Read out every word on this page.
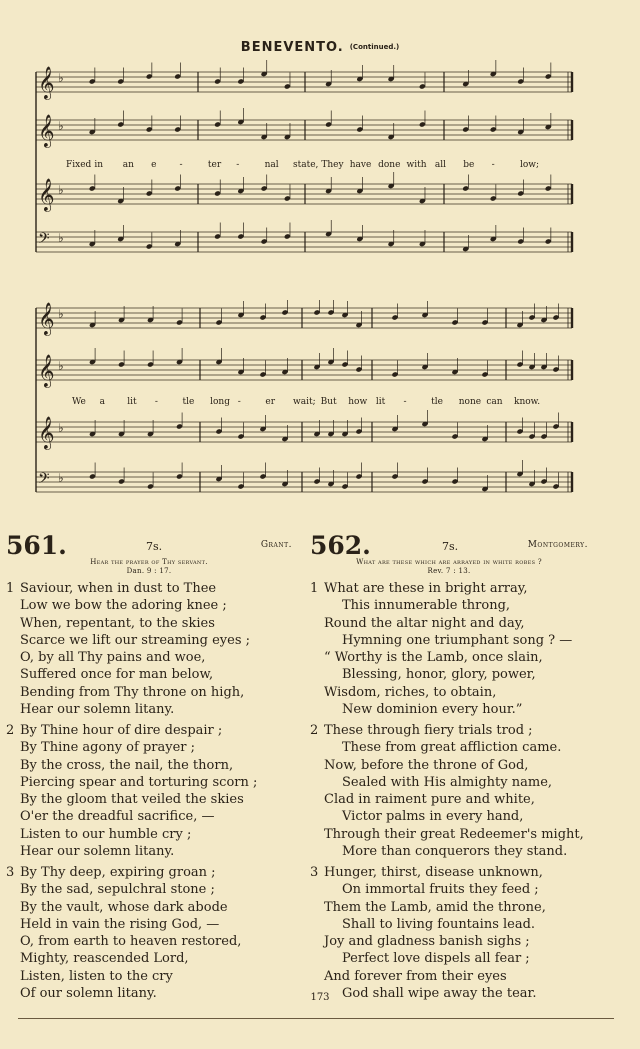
BENEVENTO. (Continued.)
𝄞 ♭
𝄞 ♭
𝄞 ♭
𝄢 ♭
Fixed in an e	-	ter -	nal state, They have done with all be -	low;
𝄞 ♭
𝄞 ♭
𝄞 ♭
𝄢 ♭
We a lit -	tle long -	er wait; But how lit -	tle none can know.
561.	7s.	Grant.
Hear the prayer of Thy servant.
Dan. 9 : 17.
1 Saviour, when in dust to Thee
Low we bow the adoring knee ;
When, repentant, to the skies
Scarce we lift our streaming eyes ;
O, by all Thy pains and woe,
Suffered once for man below,
Bending from Thy throne on high,
Hear our solemn litany.
2 By Thine hour of dire despair ;
By Thine agony of prayer ;
By the cross, the nail, the thorn,
Piercing spear and torturing scorn ;
By the gloom that veiled the skies
O'er the dreadful sacrifice, —
Listen to our humble cry ;
Hear our solemn litany.
3 By Thy deep, expiring groan ;
By the sad, sepulchral stone ;
By the vault, whose dark abode
Held in vain the rising God, —
O, from earth to heaven restored,
Mighty, reascended Lord,
Listen, listen to the cry
Of our solemn litany.
562.	7s.	Montgomery.
What are these which are arrayed in white robes ?
Rev. 7 : 13.
1 What are these in bright array,
This innumerable throng,
Round the altar night and day,
Hymning one triumphant song ? —
“ Worthy is the Lamb, once slain,
Blessing, honor, glory, power,
Wisdom, riches, to obtain,
New dominion every hour.”
2 These through fiery trials trod ;
These from great affliction came.
Now, before the throne of God,
Sealed with His almighty name,
Clad in raiment pure and white,
Victor palms in every hand,
Through their great Redeemer's might,
More than conquerors they stand.
3 Hunger, thirst, disease unknown,
On immortal fruits they feed ;
Them the Lamb, amid the throne,
Shall to living fountains lead.
Joy and gladness banish sighs ;
Perfect love dispels all fear ;
And forever from their eyes
God shall wipe away the tear.
173
